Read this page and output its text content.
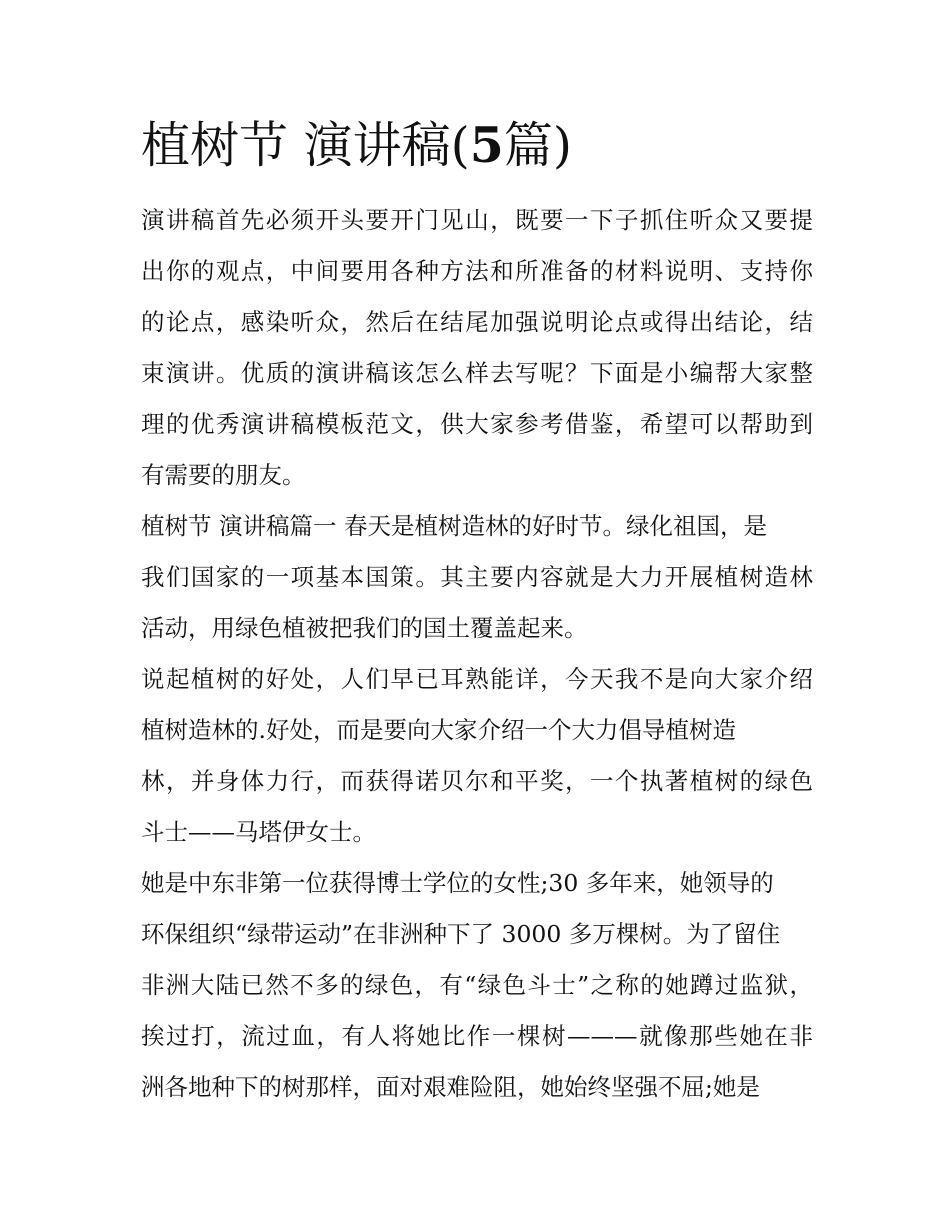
植树节 演讲稿(5篇)
演讲稿首先必须开头要开门见山，既要一下子抓住听众又要提
出你的观点，中间要用各种方法和所准备的材料说明、支持你
的论点，感染听众，然后在结尾加强说明论点或得出结论，结
束演讲。优质的演讲稿该怎么样去写呢？下面是小编帮大家整
理的优秀演讲稿模板范文，供大家参考借鉴，希望可以帮助到
有需要的朋友。
植树节 演讲稿篇一 春天是植树造林的好时节。绿化祖国，是
我们国家的一项基本国策。其主要内容就是大力开展植树造林
活动，用绿色植被把我们的国土覆盖起来。
说起植树的好处，人们早已耳熟能详，今天我不是向大家介绍
植树造林的.好处，而是要向大家介绍一个大力倡导植树造
林，并身体力行，而获得诺贝尔和平奖，一个执著植树的绿色
斗士——马塔伊女士。
她是中东非第一位获得博士学位的女性;30 多年来，她领导的
环保组织“绿带运动”在非洲种下了 3000 多万棵树。为了留住
非洲大陆已然不多的绿色，有“绿色斗士”之称的她蹲过监狱，
挨过打，流过血，有人将她比作一棵树———就像那些她在非
洲各地种下的树那样，面对艰难险阻，她始终坚强不屈;她是
